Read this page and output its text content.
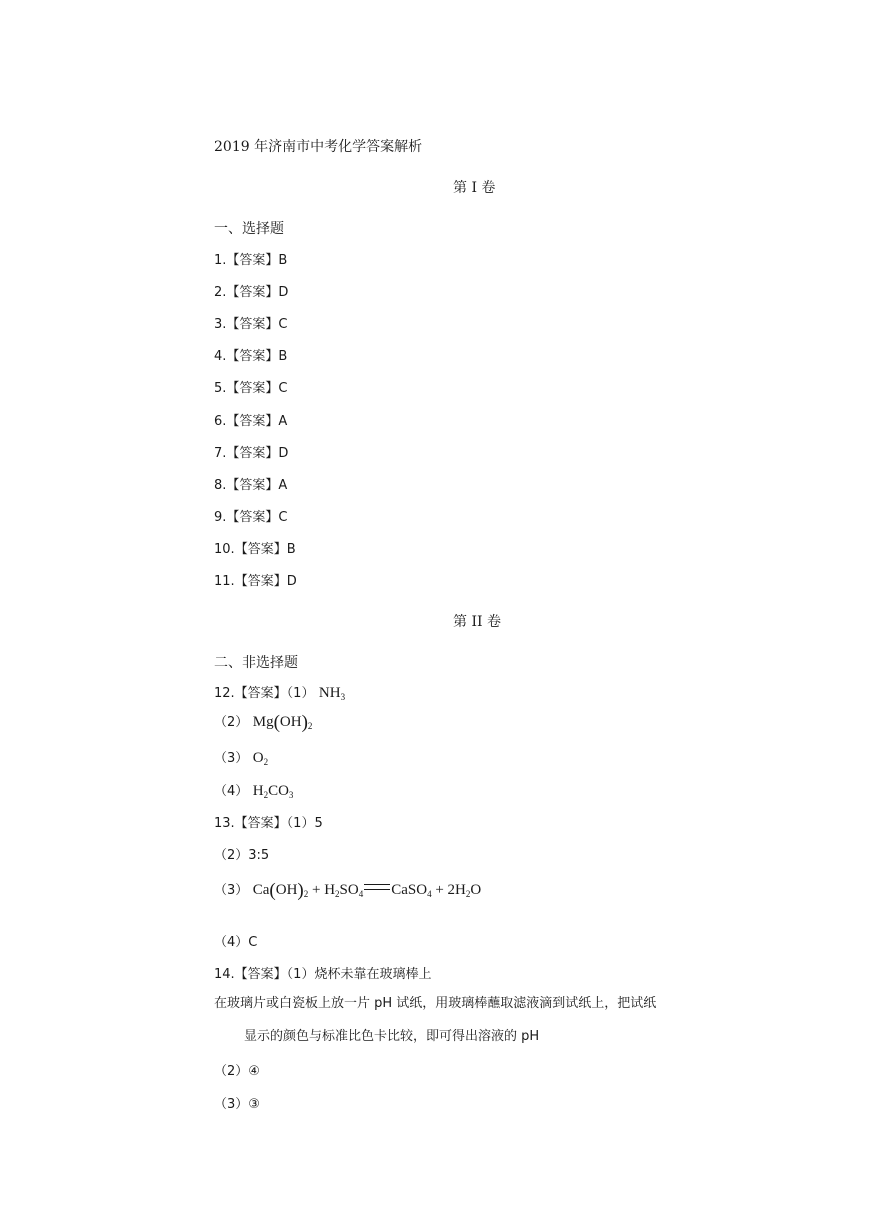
2019 年济南市中考化学答案解析
第 I 卷
一、选择题
1.【答案】B
2.【答案】D
3.【答案】C
4.【答案】B
5.【答案】C
6.【答案】A
7.【答案】D
8.【答案】A
9.【答案】C
10.【答案】B
11.【答案】D
第 II 卷
二、非选择题
12.【答案】（1） $NH_3$
（2） $Mg(OH)_2$
（3） $O_2$
（4） $H_2CO_3$
13.【答案】（1）5
（2）3:5
（3） $Ca(OH)_2 + H_2SO_4$ CaSO$_4$ + $2H_2O$
（4）C
14.【答案】（1）烧杯未靠在玻璃棒上
在玻璃片或白瓷板上放一片 pH 试纸，用玻璃棒蘸取滤液滴到试纸上，把试纸
显示的颜色与标准比色卡比较，即可得出溶液的 pH
（2）④
（3）③
